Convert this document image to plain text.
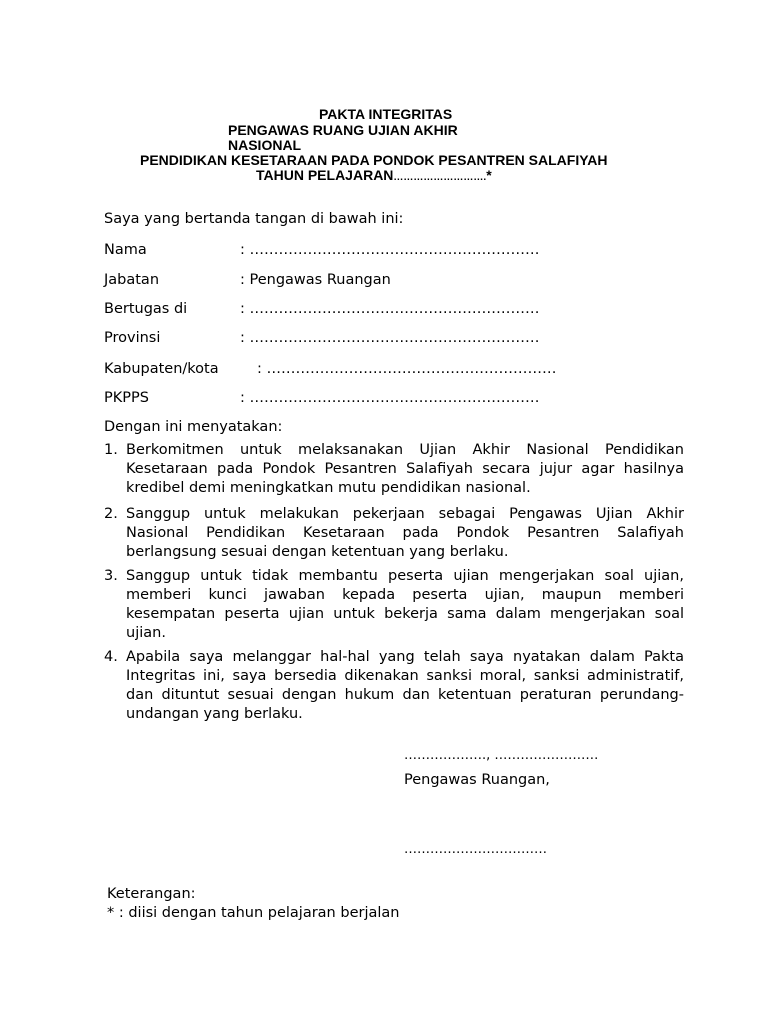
PAKTA INTEGRITAS
PENGAWAS RUANG UJIAN AKHIR
NASIONAL
PENDIDIKAN KESETARAAN PADA PONDOK PESANTREN SALAFIYAH
TAHUN PELAJARAN……………………….*
Saya yang bertanda tangan di bawah ini:
Nama	: ……………………………………………………
Jabatan	: Pengawas Ruangan
Bertugas di	: ……………………………………………………
Provinsi	: ……………………………………………………
Kabupaten/kota	: ……………………………………………………
PKPPS	: ……………………………………………………
Dengan ini menyatakan:
1. Berkomitmen untuk melaksanakan Ujian Akhir Nasional Pendidikan Kesetaraan pada Pondok Pesantren Salafiyah secara jujur agar hasilnya kredibel demi meningkatkan mutu pendidikan nasional.
2. Sanggup untuk melakukan pekerjaan sebagai Pengawas Ujian Akhir Nasional Pendidikan Kesetaraan pada Pondok Pesantren Salafiyah berlangsung sesuai dengan ketentuan yang berlaku.
3. Sanggup untuk tidak membantu peserta ujian mengerjakan soal ujian, memberi kunci jawaban kepada peserta ujian, maupun memberi kesempatan peserta ujian untuk bekerja sama dalam mengerjakan soal ujian.
4. Apabila saya melanggar hal-hal yang telah saya nyatakan dalam Pakta Integritas ini, saya bersedia dikenakan sanksi moral, sanksi administratif, dan dituntut sesuai dengan hukum dan ketentuan peraturan perundang-undangan yang berlaku.
………………., ……………………
Pengawas Ruangan,
……………………………
Keterangan:
* : diisi dengan tahun pelajaran berjalan
